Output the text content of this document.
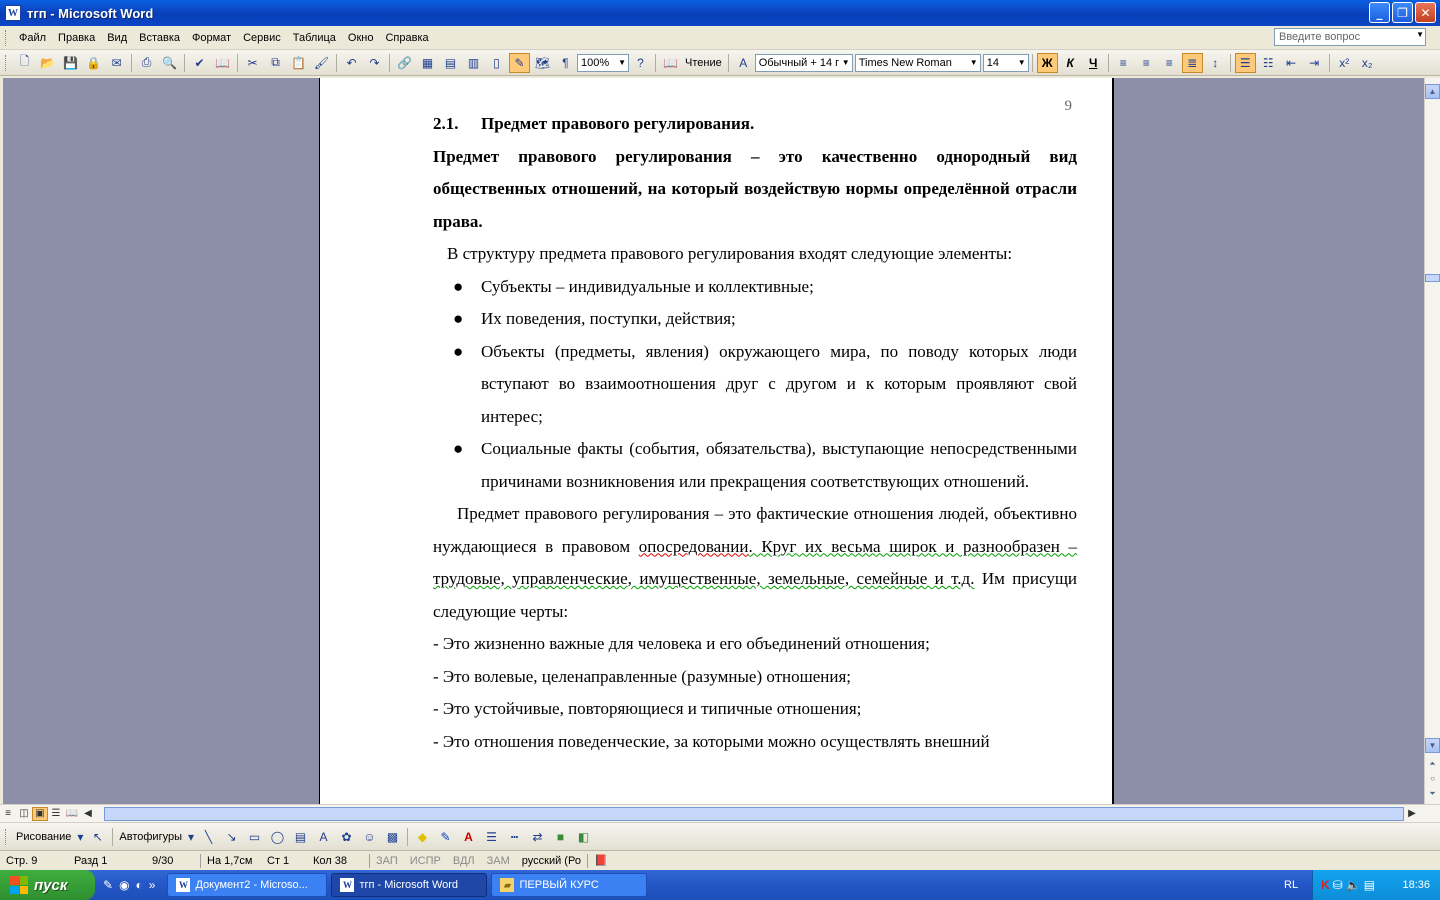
W тгп - Microsoft Word	_	❐	✕
Файл	Правка	Вид	Вставка	Формат	Сервис	Таблица	Окно	Справка	Введите вопрос	▼
🗋 📂 💾 🔒 ✉	⎙ 🔍	✔ 📖	✂	⧉ 📋 🖌	↶	↷	🔗 ▦ ▤ ▥	▯	✎ 🗺	¶	100% ▼ ?	📖 Чтение	A	Обычный + 14 г ▼ Times New Roman ▼ 14 ▼	Ж	К	Ч	≡	≡	≡	≣	↕	☰	☷	⇤	⇥	x²	x₂
9

2.1.	Предмет правового регулирования.

Предмет правового регулирования – это качественно однородный вид общественных отношений, на который воздействую нормы определённой отрасли права.

В структуру предмета правового регулирования входят следующие элементы:

●	Субъекты – индивидуальные и коллективные;
●	Их поведения, поступки, действия;
●	Объекты (предметы, явления) окружающего мира, по поводу которых люди вступают во взаимоотношения друг с другом и к которым проявляют свой интерес;
●	Социальные факты (события, обязательства), выступающие непосредственными причинами возникновения или прекращения соответствующих отношений.

Предмет правового регулирования – это фактические отношения людей, объективно нуждающиеся в правовом опосредовании. Круг их весьма широк и разнообразен – трудовые, управленческие, имущественные, земельные, семейные и т.д. Им присущи следующие черты:

- Это жизненно важные для человека и его объединений отношения;

- Это волевые, целенаправленные (разумные) отношения;

- Это устойчивые, повторяющиеся и типичные отношения;

- Это отношения поведенческие, за которыми можно осуществлять внешний

▲
▼
⏶
○
⏷
≡ ◫ ▣ ☰ 📖 ◀	▶
Рисование ▾ ↖	Автофигуры ▾ ╲	↘	▭ ◯ ▤	A	✿ ☺ ▩	◆	✎	A	☰	┅	⇄	■	◧
Стр. 9	Разд 1	9/30	На 1,7см	Ст 1	Кол 38	ЗАП	ИСПР	ВДЛ	ЗАМ	русский (Ро	📕
пуск	✎ ◉ ◐ »	W Документ2 - Microso...	W тгп - Microsoft Word	▰ ПЕРВЫЙ КУРС	RL K ⛁ 🔈 ▤ 18:36
